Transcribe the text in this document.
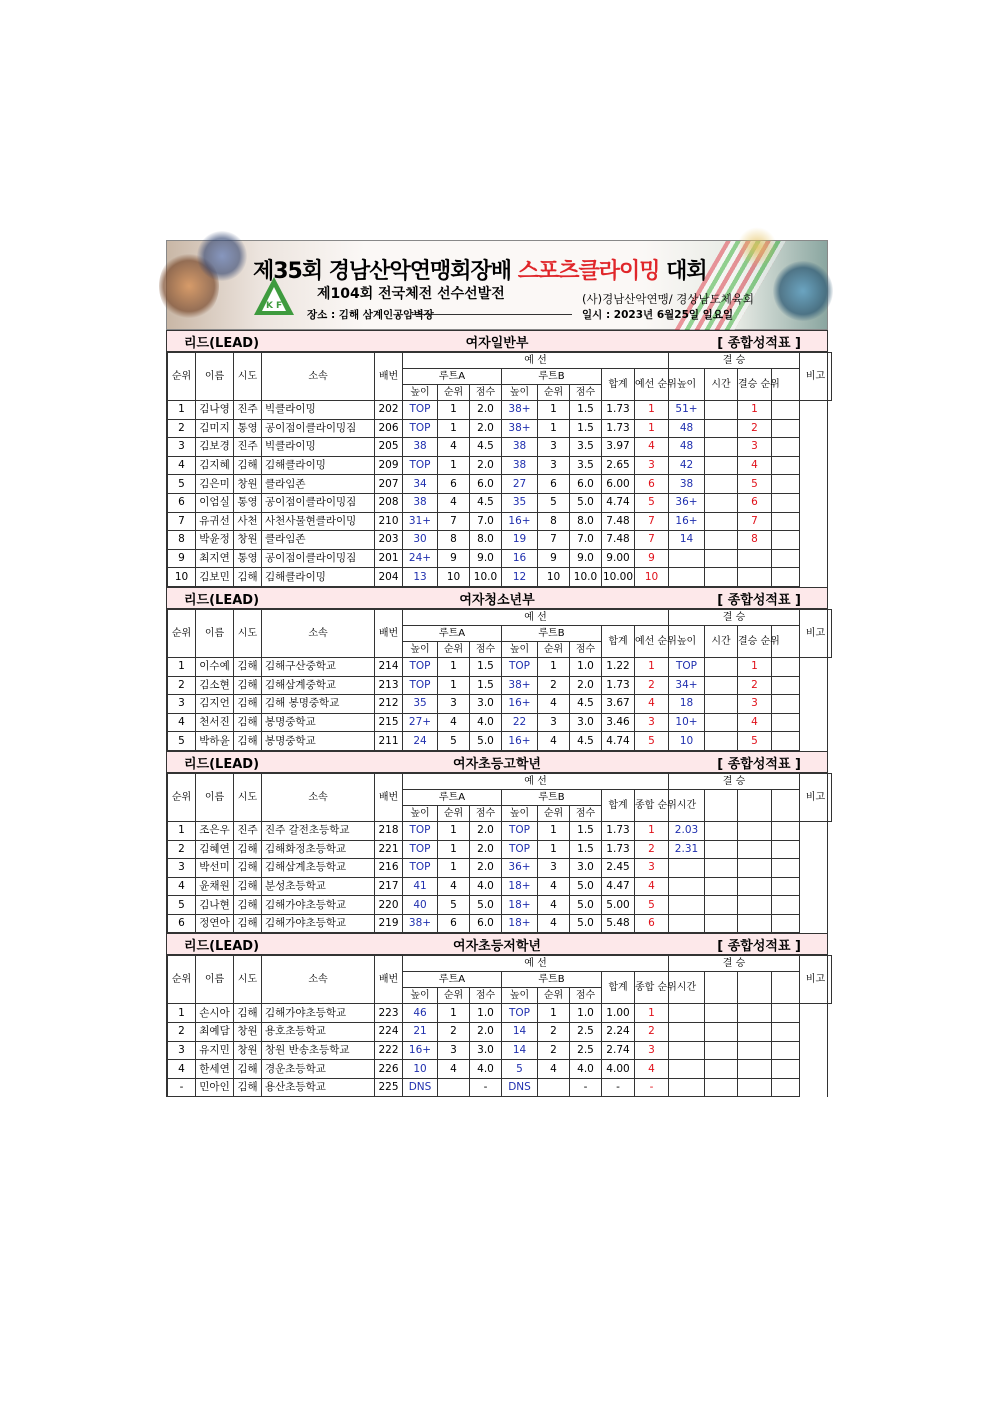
K F
제35회 경남산악연맹회장배 스포츠클라이밍 대회
제104회 전국체전 선수선발전	(사)경남산악연맹/ 경상남도체육회
장소 : 김해 삼계인공암벽장	일시 : 2023년 6월25일 일요일
여자일반부
리드(LEAD)	[ 종합성적표 ]
순위	이름	시도	소속	배번	예 선								결 승				비고
					루트A			루트B			합계	예선 순위	높이	시간	결승 순위		
					높이	순위	점수	높이	순위	점수							
1	김나영	진주	빅클라이밍	202	TOP	1	2.0	38+	1	1.5	1.73	1	51+		1		
2	김미지	통영	공이점이클라이밍짐	206	TOP	1	2.0	38+	1	1.5	1.73	1	48		2		
3	김보경	진주	빅클라이밍	205	38	4	4.5	38	3	3.5	3.97	4	48		3		
4	김지혜	김해	김해클라이밍	209	TOP	1	2.0	38	3	3.5	2.65	3	42		4		
5	김은미	창원	클라임존	207	34	6	6.0	27	6	6.0	6.00	6	38		5		
6	이엄실	통영	공이점이클라이밍짐	208	38	4	4.5	35	5	5.0	4.74	5	36+		6		
7	유귀선	사천	사천사물현클라이밍	210	31+	7	7.0	16+	8	8.0	7.48	7	16+		7		
8	박윤정	창원	클라임존	203	30	8	8.0	19	7	7.0	7.48	7	14		8		
9	최지연	통영	공이점이클라이밍짐	201	24+	9	9.0	16	9	9.0	9.00	9					
10	김보민	김해	김해클라이밍	204	13	10	10.0	12	10	10.0	10.00	10					
여자청소년부
리드(LEAD)	[ 종합성적표 ]
순위	이름	시도	소속	배번	예 선								결 승				비고
					루트A			루트B			합계	예선 순위	높이	시간	결승 순위		
					높이	순위	점수	높이	순위	점수							
1	이수예	김해	김해구산중학교	214	TOP	1	1.5	TOP	1	1.0	1.22	1	TOP		1		
2	김소현	김해	김해삼계중학교	213	TOP	1	1.5	38+	2	2.0	1.73	2	34+		2		
3	김지언	김해	김해 봉명중학교	212	35	3	3.0	16+	4	4.5	3.67	4	18		3		
4	천서진	김해	봉명중학교	215	27+	4	4.0	22	3	3.0	3.46	3	10+		4		
5	박하윤	김해	봉명중학교	211	24	5	5.0	16+	4	4.5	4.74	5	10		5		
여자초등고학년
리드(LEAD)	[ 종합성적표 ]
순위	이름	시도	소속	배번	예 선								결 승				비고
					루트A			루트B			합계	종합 순위	시간				
					높이	순위	점수	높이	순위	점수							
1	조은우	진주	진주 갈전초등학교	218	TOP	1	2.0	TOP	1	1.5	1.73	1	2.03				
2	김혜연	김해	김해화정초등학교	221	TOP	1	2.0	TOP	1	1.5	1.73	2	2.31				
3	박선미	김해	김해삼계초등학교	216	TOP	1	2.0	36+	3	3.0	2.45	3					
4	윤채원	김해	분성초등학교	217	41	4	4.0	18+	4	5.0	4.47	4					
5	김나현	김해	김해가야초등학교	220	40	5	5.0	18+	4	5.0	5.00	5					
6	정연아	김해	김해가야초등학교	219	38+	6	6.0	18+	4	5.0	5.48	6					
여자초등저학년
리드(LEAD)	[ 종합성적표 ]
순위	이름	시도	소속	배번	예 선								결 승				비고
					루트A			루트B			합계	종합 순위	시간				
					높이	순위	점수	높이	순위	점수							
1	손시아	김해	김해가야초등학교	223	46	1	1.0	TOP	1	1.0	1.00	1					
2	최예담	창원	용호초등학교	224	21	2	2.0	14	2	2.5	2.24	2					
3	유지민	창원	창원 반송초등학교	222	16+	3	3.0	14	2	2.5	2.74	3					
4	한세연	김해	경운초등학교	226	10	4	4.0	5	4	4.0	4.00	4					
-	민아인	김해	용산초등학교	225	DNS		-	DNS		-	-	-					
